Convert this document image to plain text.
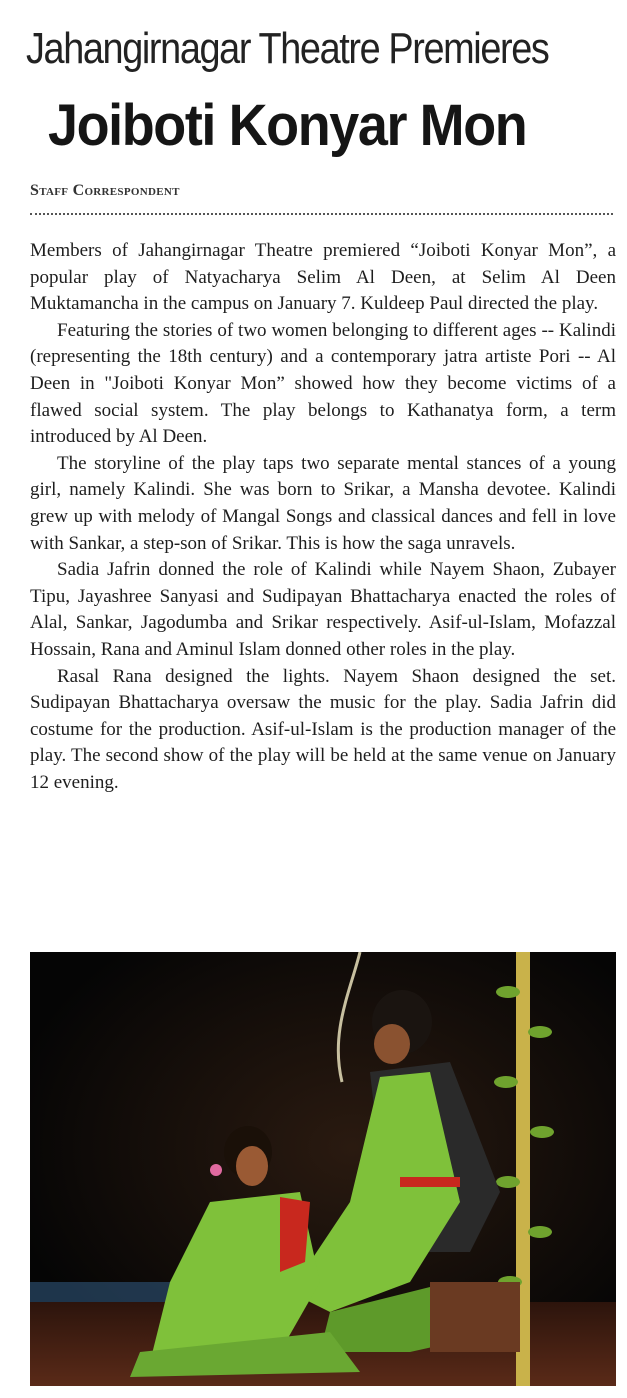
Jahangirnagar Theatre Premieres
Joiboti Konyar Mon
Staff Correspondent

Members of Jahangirnagar Theatre premiered “Joiboti Konyar Mon”, a popular play of Natyacharya Selim Al Deen, at Selim Al Deen Muktamancha in the campus on January 7. Kuldeep Paul directed the play.

Featuring the stories of two women belonging to different ages -- Kalindi (representing the 18th century) and a contemporary jatra artiste Pori -- Al Deen in "Joiboti Konyar Mon” showed how they become victims of a flawed social system. The play belongs to Kathanatya form, a term introduced by Al Deen.

The storyline of the play taps two separate mental stances of a young girl, namely Kalindi. She was born to Srikar, a Mansha devotee. Kalindi grew up with melody of Mangal Songs and classical dances and fell in love with Sankar, a step-son of Srikar. This is how the saga unravels.

Sadia Jafrin donned the role of Kalindi while Nayem Shaon, Zubayer Tipu, Jayashree Sanyasi and Sudipayan Bhattacharya enacted the roles of Alal, Sankar, Jagodumba and Srikar respectively. Asif-ul-Islam, Mofazzal Hossain, Rana and Aminul Islam donned other roles in the play.

Rasal Rana designed the lights. Nayem Shaon designed the set. Sudipayan Bhattacharya oversaw the music for the play. Sadia Jafrin did costume for the production. Asif-ul-Islam is the production manager of the play. The second show of the play will be held at the same venue on January 12 evening.
